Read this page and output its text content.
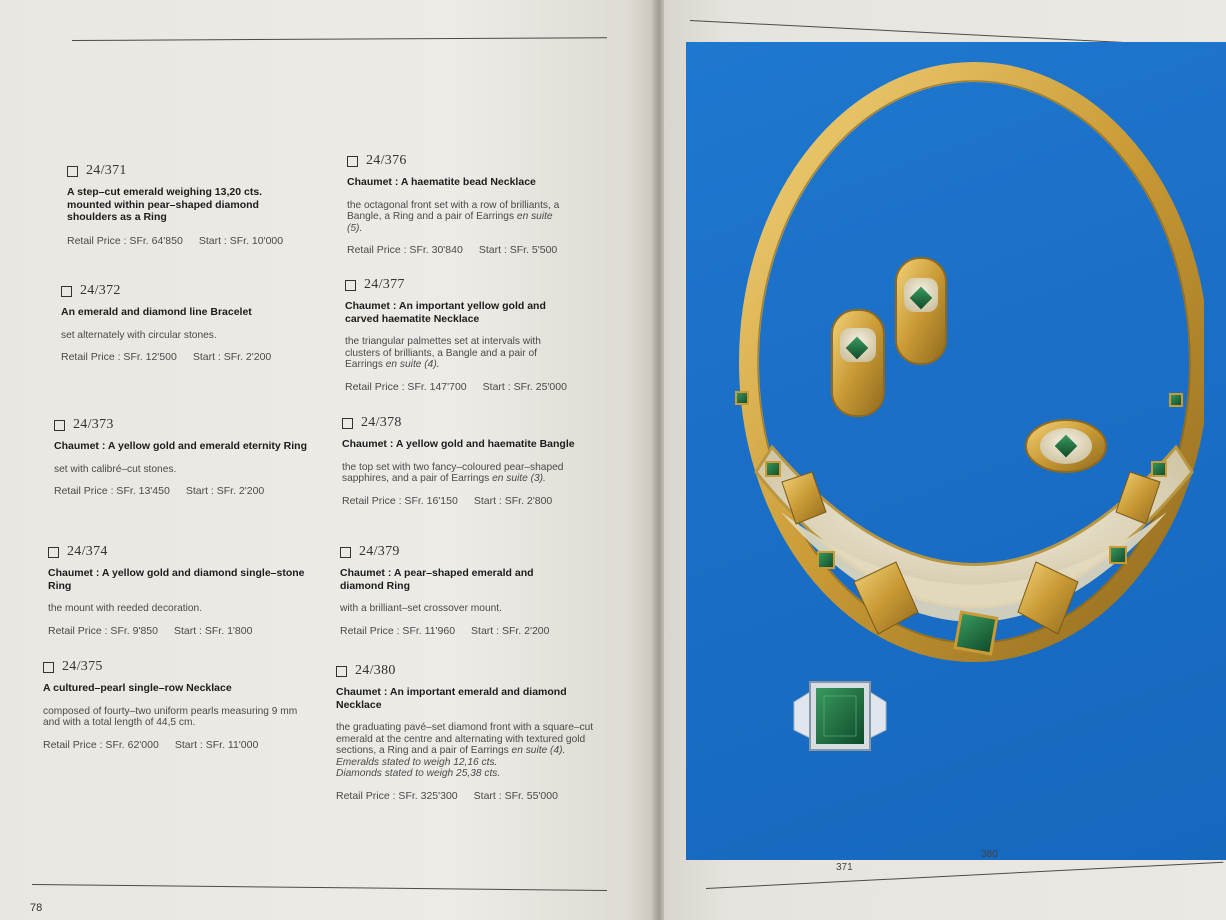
24/371
A step–cut emerald weighing 13,20 cts. mounted within pear–shaped diamond shoulders as a Ring
Retail Price : SFr. 64'850 Start : SFr. 10'000
24/372
An emerald and diamond line Bracelet
set alternately with circular stones.
Retail Price : SFr. 12'500 Start : SFr. 2'200
24/373
Chaumet : A yellow gold and emerald eternity Ring
set with calibré–cut stones.
Retail Price : SFr. 13'450 Start : SFr. 2'200
24/374
Chaumet : A yellow gold and diamond single–stone Ring
the mount with reeded decoration.
Retail Price : SFr. 9'850 Start : SFr. 1'800
24/375
A cultured–pearl single–row Necklace
composed of fourty–two uniform pearls measuring 9 mm and with a total length of 44,5 cm.
Retail Price : SFr. 62'000 Start : SFr. 11'000
24/376
Chaumet : A haematite bead Necklace
the octagonal front set with a row of brilliants, a Bangle, a Ring and a pair of Earrings en suite (5).
Retail Price : SFr. 30'840 Start : SFr. 5'500
24/377
Chaumet : An important yellow gold and carved haematite Necklace
the triangular palmettes set at intervals with clusters of brilliants, a Bangle and a pair of Earrings en suite (4).
Retail Price : SFr. 147'700 Start : SFr. 25'000
24/378
Chaumet : A yellow gold and haematite Bangle
the top set with two fancy–coloured pear–shaped sapphires, and a pair of Earrings en suite (3).
Retail Price : SFr. 16'150 Start : SFr. 2'800
24/379
Chaumet : A pear–shaped emerald and diamond Ring
with a brilliant–set crossover mount.
Retail Price : SFr. 11'960 Start : SFr. 2'200
24/380
Chaumet : An important emerald and diamond Necklace
the graduating pavé–set diamond front with a square–cut emerald at the centre and alternating with textured gold sections, a Ring and a pair of Earrings en suite (4).
Emeralds stated to weigh 12,16 cts.
Diamonds stated to weigh 25,38 cts.
Retail Price : SFr. 325'300 Start : SFr. 55'000
78
371
380
